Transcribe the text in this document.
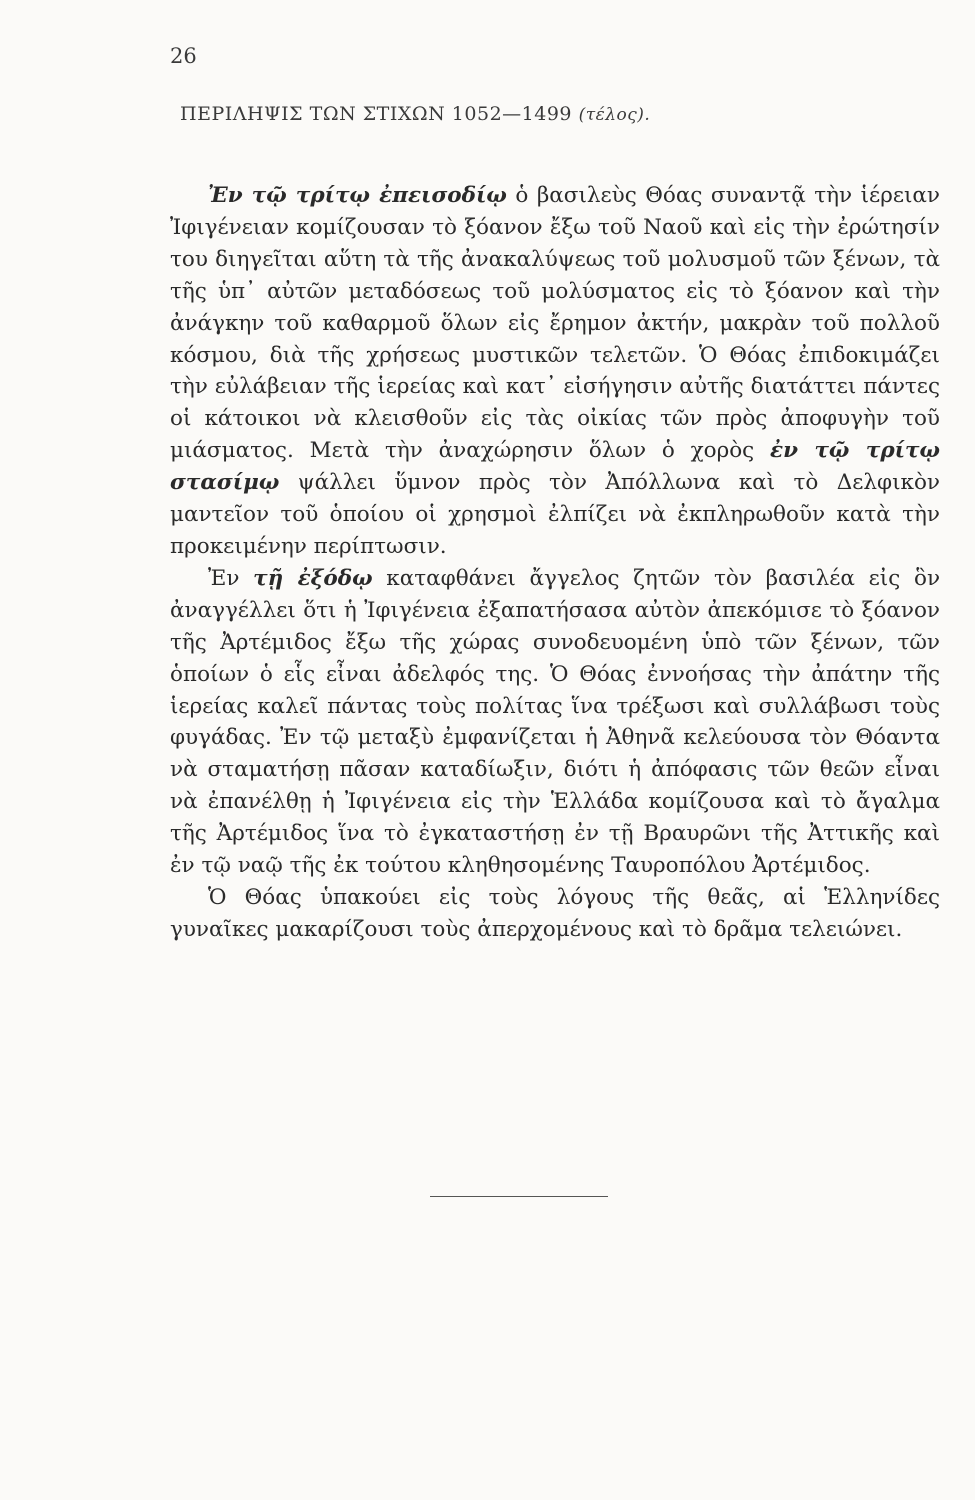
26
ΠΕΡΙΛΗΨΙΣ ΤΩΝ ΣΤΙΧΩΝ 1052—1499 (τέλος).

Ἐν τῷ τρίτῳ ἐπεισοδίῳ ὁ βασιλεὺς Θόας συναντᾷ τὴν ἱέρειαν Ἰφιγένειαν κομίζουσαν τὸ ξόανον ἔξω τοῦ Ναοῦ καὶ εἰς τὴν ἐρώτησίν του διηγεῖται αὕτη τὰ τῆς ἀνακαλύψεως τοῦ μολυσμοῦ τῶν ξένων, τὰ τῆς ὑπ᾽ αὐτῶν μεταδόσεως τοῦ μολύσματος εἰς τὸ ξόανον καὶ τὴν ἀνάγκην τοῦ καθαρμοῦ ὅλων εἰς ἔρημον ἀκτήν, μακρὰν τοῦ πολλοῦ κόσμου, διὰ τῆς χρήσεως μυστικῶν τελετῶν. Ὁ Θόας ἐπιδοκιμάζει τὴν εὐλάβειαν τῆς ἱερείας καὶ κατ᾽ εἰσήγησιν αὐτῆς διατάττει πάντες οἱ κάτοικοι νὰ κλεισθοῦν εἰς τὰς οἰκίας τῶν πρὸς ἀποφυγὴν τοῦ μιάσματος. Μετὰ τὴν ἀναχώρησιν ὅλων ὁ χορὸς ἐν τῷ τρίτῳ στασίμῳ ψάλλει ὕμνον πρὸς τὸν Ἀπόλλωνα καὶ τὸ Δελφικὸν μαντεῖον τοῦ ὁποίου οἱ χρησμοὶ ἐλπίζει νὰ ἐκπληρωθοῦν κατὰ τὴν προκειμένην περίπτωσιν.

Ἐν τῇ ἐξόδῳ καταφθάνει ἄγγελος ζητῶν τὸν βασιλέα εἰς ὃν ἀναγγέλλει ὅτι ἡ Ἰφιγένεια ἐξαπατήσασα αὐτὸν ἀπεκόμισε τὸ ξόανον τῆς Ἀρτέμιδος ἔξω τῆς χώρας συνοδευομένη ὑπὸ τῶν ξένων, τῶν ὁποίων ὁ εἷς εἶναι ἀδελφός της. Ὁ Θόας ἐννοήσας τὴν ἀπάτην τῆς ἱερείας καλεῖ πάντας τοὺς πολίτας ἵνα τρέξωσι καὶ συλλάβωσι τοὺς φυγάδας. Ἐν τῷ μεταξὺ ἐμφανίζεται ἡ Ἀθηνᾶ κελεύουσα τὸν Θόαντα νὰ σταματήσῃ πᾶσαν καταδίωξιν, διότι ἡ ἀπόφασις τῶν θεῶν εἶναι νὰ ἐπανέλθῃ ἡ Ἰφιγένεια εἰς τὴν Ἑλλάδα κομίζουσα καὶ τὸ ἄγαλμα τῆς Ἀρτέμιδος ἵνα τὸ ἐγκαταστήσῃ ἐν τῇ Βραυρῶνι τῆς Ἀττικῆς καὶ ἐν τῷ ναῷ τῆς ἐκ τούτου κληθησομένης Ταυροπόλου Ἀρτέμιδος.

Ὁ Θόας ὑπακούει εἰς τοὺς λόγους τῆς θεᾶς, αἱ Ἑλληνίδες γυναῖκες μακαρίζουσι τοὺς ἀπερχομένους καὶ τὸ δρᾶμα τελειώνει.
